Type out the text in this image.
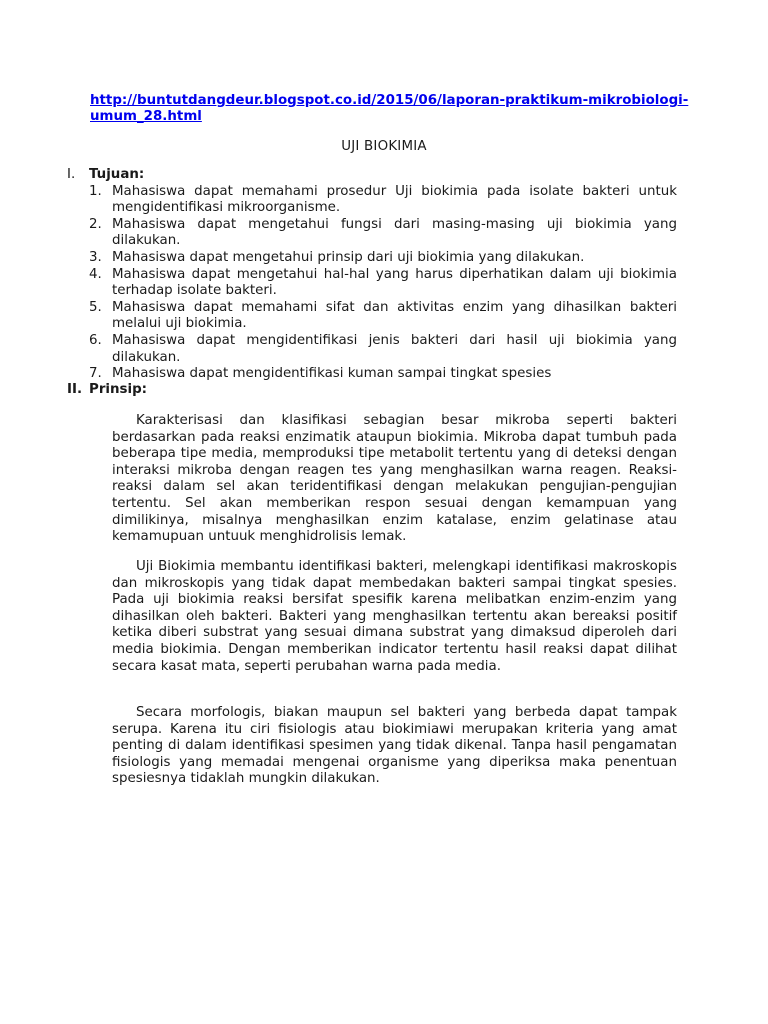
http://buntutdangdeur.blogspot.co.id/2015/06/laporan-praktikum-mikrobiologi-umum_28.html
UJI BIOKIMIA
I.	Tujuan:
1. Mahasiswa dapat memahami prosedur Uji biokimia pada isolate bakteri untuk mengidentifikasi mikroorganisme.
2. Mahasiswa dapat mengetahui fungsi dari masing-masing uji biokimia yang dilakukan.
3. Mahasiswa dapat mengetahui prinsip dari uji biokimia yang dilakukan.
4. Mahasiswa dapat mengetahui hal-hal yang harus diperhatikan dalam uji biokimia terhadap isolate bakteri.
5. Mahasiswa dapat memahami sifat dan aktivitas enzim yang dihasilkan bakteri melalui uji biokimia.
6. Mahasiswa dapat mengidentifikasi jenis bakteri dari hasil uji biokimia yang dilakukan.
7. Mahasiswa dapat mengidentifikasi kuman sampai tingkat spesies
II. Prinsip:

Karakterisasi dan klasifikasi sebagian besar mikroba seperti bakteri berdasarkan pada reaksi enzimatik ataupun biokimia. Mikroba dapat tumbuh pada beberapa tipe media, memproduksi tipe metabolit tertentu yang di deteksi dengan interaksi mikroba dengan reagen tes yang menghasilkan warna reagen. Reaksi-reaksi dalam sel akan teridentifikasi dengan melakukan pengujian-pengujian tertentu. Sel akan memberikan respon sesuai dengan kemampuan yang dimilikinya, misalnya menghasilkan enzim katalase, enzim gelatinase atau kemamupuan untuuk menghidrolisis lemak.

Uji Biokimia membantu identifikasi bakteri, melengkapi identifikasi makroskopis dan mikroskopis yang tidak dapat membedakan bakteri sampai tingkat spesies. Pada uji biokimia reaksi bersifat spesifik karena melibatkan enzim-enzim yang dihasilkan oleh bakteri. Bakteri yang menghasilkan tertentu akan bereaksi positif ketika diberi substrat yang sesuai dimana substrat yang dimaksud diperoleh dari media biokimia. Dengan memberikan indicator tertentu hasil reaksi dapat dilihat secara kasat mata, seperti perubahan warna pada media.

Secara morfologis, biakan maupun sel bakteri yang berbeda dapat tampak serupa. Karena itu ciri fisiologis atau biokimiawi merupakan kriteria yang amat penting di dalam identifikasi spesimen yang tidak dikenal. Tanpa hasil pengamatan fisiologis yang memadai mengenai organisme yang diperiksa maka penentuan spesiesnya tidaklah mungkin dilakukan.
